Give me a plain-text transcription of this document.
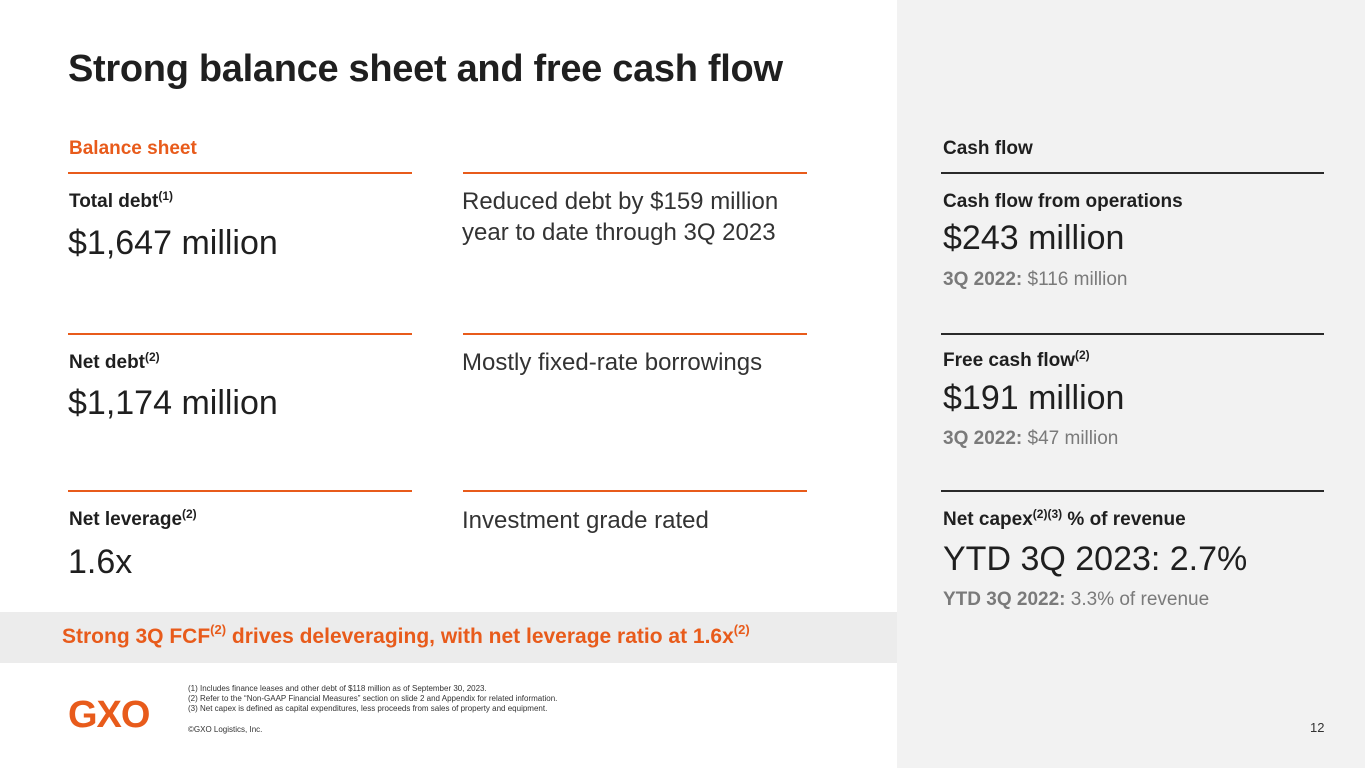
Strong balance sheet and free cash flow
Balance sheet	Cash flow
Total debt$^{(1)}$
$1,647 million
Reduced debt by $159 million year to date through 3Q 2023
Cash flow from operations
$243 million
3Q 2022: $116 million
Net debt$^{(2)}$
$1,174 million
Mostly fixed-rate borrowings	Free cash flow$^{(2)}$
$191 million
3Q 2022: $47 million
Net leverage$^{(2)}$
1.6x
Investment grade rated	Net capex$^{(2)(3)}$ % of revenue
YTD 3Q 2023: 2.7%
YTD 3Q 2022: 3.3% of revenue
Strong 3Q FCF$^{(2)}$ drives deleveraging, with net leverage ratio at $1.6x^{(2)}$
GXO
(1) Includes finance leases and other debt of $118 million as of September 30, 2023.
(2) Refer to the “Non-GAAP Financial Measures” section on slide 2 and Appendix for related information.
(3) Net capex is defined as capital expenditures, less proceeds from sales of property and equipment.
©GXO Logistics, Inc.	12
